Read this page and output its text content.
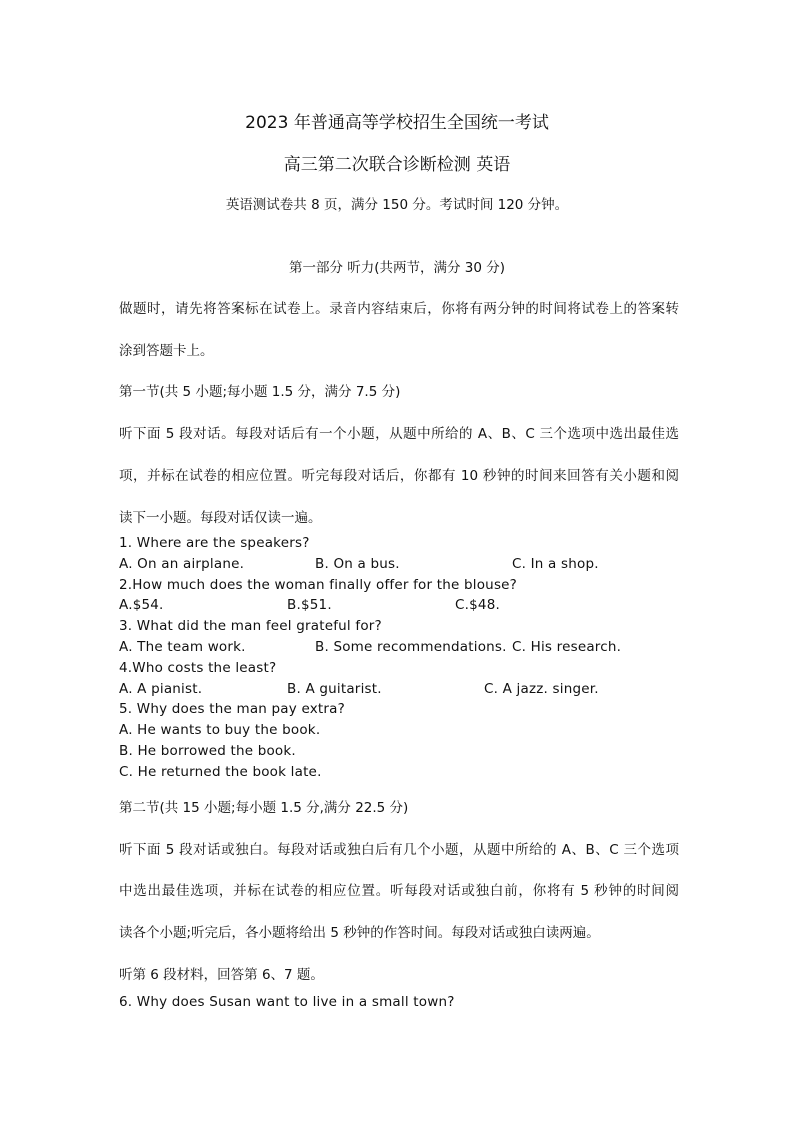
2023 年普通高等学校招生全国统一考试
高三第二次联合诊断检测 英语
英语测试卷共 8 页，满分 150 分。考试时间 120 分钟。
第一部分 听力(共两节，满分 30 分)
做题时，请先将答案标在试卷上。录音内容结束后，你将有两分钟的时间将试卷上的答案转
涂到答题卡上。
第一节(共 5 小题;每小题 1.5 分，满分 7.5 分)
听下面 5 段对话。每段对话后有一个小题，从题中所给的 A、B、C 三个选项中选出最佳选
项，并标在试卷的相应位置。听完每段对话后，你都有 10 秒钟的时间来回答有关小题和阅
读下一小题。每段对话仅读一遍。
1. Where are the speakers?
A. On an airplane.	B. On a bus.	C. In a shop.
2.How much does the woman finally offer for the blouse?
A.$54.	B.$51.	C.$48.
3. What did the man feel grateful for?
A. The team work.	B. Some recommendations. C. His research.
4.Who costs the least?
A. A pianist.	B. A guitarist.	C. A jazz. singer.
5. Why does the man pay extra?
A. He wants to buy the book.
B. He borrowed the book.
C. He returned the book late.
第二节(共 15 小题;每小题 1.5 分,满分 22.5 分)
听下面 5 段对话或独白。每段对话或独白后有几个小题，从题中所给的 A、B、C 三个选项
中选出最佳选项，并标在试卷的相应位置。听每段对话或独白前，你将有 5 秒钟的时间阅
读各个小题;听完后，各小题将给出 5 秒钟的作答时间。每段对话或独白读两遍。
听第 6 段材料，回答第 6、7 题。
6. Why does Susan want to live in a small town?
